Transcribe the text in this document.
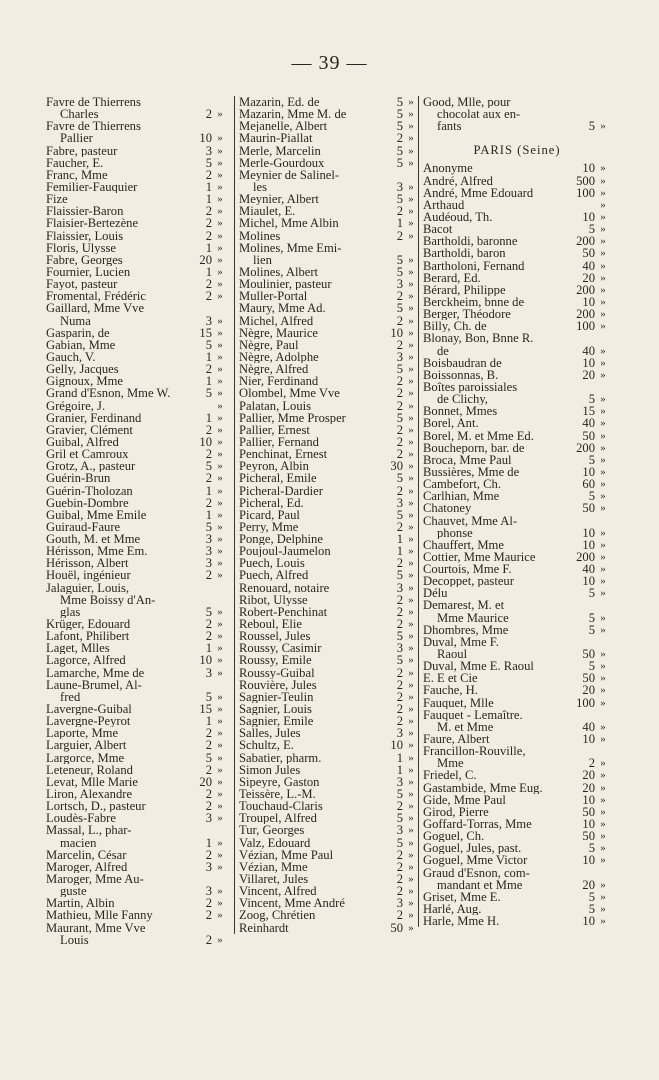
— 39 —
Favre de Thierrens
Charles	2 »
Favre de Thierrens
Pallier	10 »
Fabre, pasteur	3 »
Faucher, E.	5 »
Franc, Mme	2 »
Femilier-Fauquier	1 »
Fize	1 »
Flaissier-Baron	2 »
Flaisier-Bertezène	2 »
Flaissier, Louis	2 »
Floris, Ulysse	1 »
Fabre, Georges	20 »
Fournier, Lucien	1 »
Fayot, pasteur	2 »
Fromental, Frédéric	2 »
Gaillard, Mme Vve
Numa	3 »
Gasparin, de	15 »
Gabian, Mme	5 »
Gauch, V.	1 »
Gelly, Jacques	2 »
Gignoux, Mme	1 »
Grand d'Esnon, Mme W.	5 »
Grégoire, J.	»
Granier, Ferdinand	1 »
Gravier, Clément	2 »
Guibal, Alfred	10 »
Gril et Camroux	2 »
Grotz, A., pasteur	5 »
Guérin-Brun	2 »
Guérin-Tholozan	1 »
Guebin-Dombre	2 »
Guibal, Mme Emile	1 »
Guiraud-Faure	5 »
Gouth, M. et Mme	3 »
Hérisson, Mme Em.	3 »
Hérisson, Albert	3 »
Houël, ingénieur	2 »
Jalaguier, Louis,
Mme Boissy d'An-
glas	5 »
Krüger, Edouard	2 »
Lafont, Philibert	2 »
Laget, Mlles	1 »
Lagorce, Alfred	10 »
Lamarche, Mme de	3 »
Laune-Brumel, Al-
fred	5 »
Lavergne-Guibal	15 »
Lavergne-Peyrot	1 »
Laporte, Mme	2 »
Larguier, Albert	2 »
Largorce, Mme	5 »
Leteneur, Roland	2 »
Levat, Mlle Marie	20 »
Liron, Alexandre	2 »
Lortsch, D., pasteur	2 »
Loudès-Fabre	3 »
Massal, L., phar-
macien	1 »
Marcelin, César	2 »
Maroger, Alfred	3 »
Maroger, Mme Au-
guste	3 »
Martin, Albin	2 »
Mathieu, Mlle Fanny	2 »
Maurant, Mme Vve
Louis	2 »
Mazarin, Ed. de	5 »
Mazarin, Mme M. de	5 »
Mejanelle, Albert	5 »
Maurin-Piallat	2 »
Merle, Marcelin	5 »
Merle-Gourdoux	5 »
Meynier de Salinel-
les	3 »
Meynier, Albert	5 »
Miaulet, E.	2 »
Michel, Mme Albin	1 »
Molines	2 »
Molines, Mme Emi-
lien	5 »
Molines, Albert	5 »
Moulinier, pasteur	3 »
Muller-Portal	2 »
Maury, Mme Ad.	5 »
Michel, Alfred	2 »
Nègre, Maurice	10 »
Nègre, Paul	2 »
Nègre, Adolphe	3 »
Nègre, Alfred	5 »
Nier, Ferdinand	2 »
Olombel, Mme Vve	2 »
Palatan, Louis	2 »
Pallier, Mme Prosper	5 »
Pallier, Ernest	2 »
Pallier, Fernand	2 »
Penchinat, Ernest	2 »
Peyron, Albin	30 »
Picheral, Emile	5 »
Picheral-Dardier	2 »
Picheral, Ed.	3 »
Picard, Paul	5 »
Perry, Mme	2 »
Ponge, Delphine	1 »
Poujoul-Jaumelon	1 »
Puech, Louis	2 »
Puech, Alfred	5 »
Renouard, notaire	3 »
Ribot, Ulysse	2 »
Robert-Penchinat	2 »
Reboul, Elie	2 »
Roussel, Jules	5 »
Roussy, Casimir	3 »
Roussy, Emile	5 »
Roussy-Guibal	2 »
Rouvière, Jules	2 »
Sagnier-Teulin	2 »
Sagnier, Louis	2 »
Sagnier, Emile	2 »
Salles, Jules	3 »
Schultz, E.	10 »
Sabatier, pharm.	1 »
Simon Jules	1 »
Sipeyre, Gaston	3 »
Teissère, L.-M.	5 »
Touchaud-Claris	2 »
Troupel, Alfred	5 »
Tur, Georges	3 »
Valz, Edouard	5 »
Vézian, Mme Paul	2 »
Vézian, Mme	2 »
Villaret, Jules	2 »
Vincent, Alfred	2 »
Vincent, Mme André	3 »
Zoog, Chrétien	2 »
Reinhardt	50 »
Good, Mlle, pour
chocolat aux en-
fants	5 »
PARIS (Seine)
Anonyme	10 »
André, Alfred	500 »
André, Mme Edouard	100 »
Arthaud	»
Audéoud, Th.	10 »
Bacot	5 »
Bartholdi, baronne	200 »
Bartholdi, baron	50 »
Bartholoni, Fernand	40 »
Berard, Ed.	20 »
Bérard, Philippe	200 »
Berckheim, bnne de	10 »
Berger, Théodore	200 »
Billy, Ch. de	100 »
Blonay, Bon, Bnne R.
de	40 »
Boisbaudran de	10 »
Boissonnas, B.	20 »
Boîtes paroissiales
de Clichy,	5 »
Bonnet, Mmes	15 »
Borel, Ant.	40 »
Borel, M. et Mme Ed.	50 »
Boucheporn, bar. de	200 »
Broca, Mme Paul	5 »
Bussières, Mme de	10 »
Cambefort, Ch.	60 »
Carlhian, Mme	5 »
Chatoney	50 »
Chauvet, Mme Al-
phonse	10 »
Chauffert, Mme	10 »
Cottier, Mme Maurice	200 »
Courtois, Mme F.	40 »
Decoppet, pasteur	10 »
Délu	5 »
Demarest, M. et
Mme Maurice	5 »
Dhombres, Mme	5 »
Duval, Mme F.
Raoul	50 »
Duval, Mme E. Raoul	5 »
E. E et Cie	50 »
Fauche, H.	20 »
Fauquet, Mlle	100 »
Fauquet - Lemaître.
M. et Mme	40 »
Faure, Albert	10 »
Francillon-Rouville,
Mme	2 »
Friedel, C.	20 »
Gastambide, Mme Eug.	20 »
Gide, Mme Paul	10 »
Girod, Pierre	50 »
Goffard-Torras, Mme	10 »
Goguel, Ch.	50 »
Goguel, Jules, past.	5 »
Goguel, Mme Victor	10 »
Graud d'Esnon, com-
mandant et Mme	20 »
Griset, Mme E.	5 »
Harlé, Aug.	5 »
Harle, Mme H.	10 »
